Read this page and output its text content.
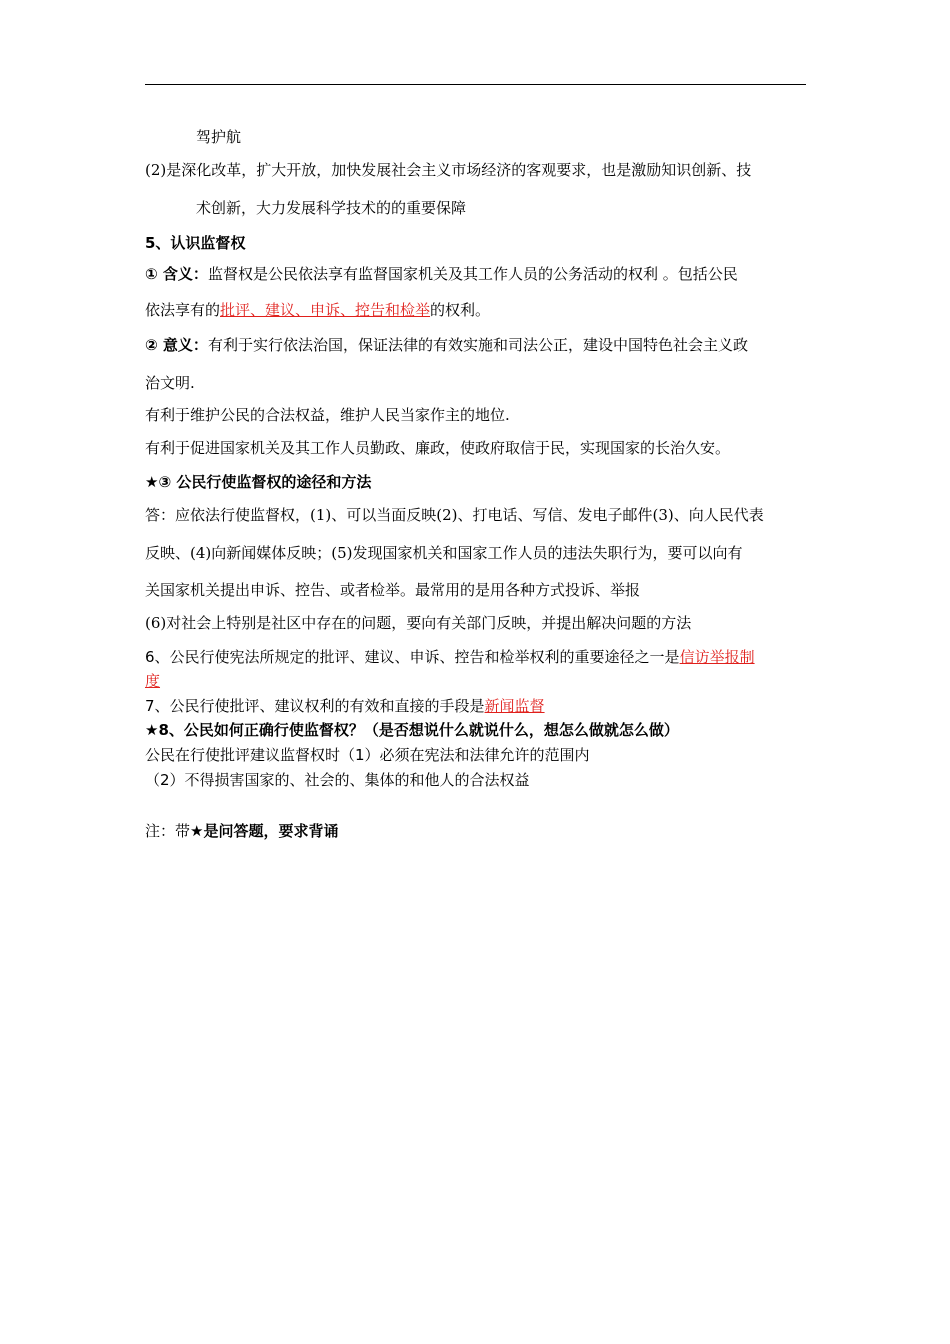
驾护航
(2)是深化改革，扩大开放，加快发展社会主义市场经济的客观要求，也是激励知识创新、技
术创新，大力发展科学技术的的重要保障
5、认识监督权
① 含义：监督权是公民依法享有监督国家机关及其工作人员的公务活动的权利 。包括公民
依法享有的批评、建议、申诉、控告和检举的权利。
② 意义：有利于实行依法治国，保证法律的有效实施和司法公正，建设中国特色社会主义政
治文明.
有利于维护公民的合法权益，维护人民当家作主的地位.
有利于促进国家机关及其工作人员勤政、廉政，使政府取信于民，实现国家的长治久安。
★③ 公民行使监督权的途径和方法
答：应依法行使监督权，(1)、可以当面反映(2)、打电话、写信、发电子邮件(3)、向人民代表
反映、(4)向新闻媒体反映；(5)发现国家机关和国家工作人员的违法失职行为，要可以向有
关国家机关提出申诉、控告、或者检举。最常用的是用各种方式投诉、举报
(6)对社会上特别是社区中存在的问题，要向有关部门反映，并提出解决问题的方法
6、公民行使宪法所规定的批评、建议、申诉、控告和检举权利的重要途径之一是信访举报制
度
7、公民行使批评、建议权利的有效和直接的手段是新闻监督
★8、公民如何正确行使监督权？（是否想说什么就说什么，想怎么做就怎么做）
公民在行使批评建议监督权时（1）必须在宪法和法律允许的范围内
（2）不得损害国家的、社会的、集体的和他人的合法权益
注：带★是问答题，要求背诵
